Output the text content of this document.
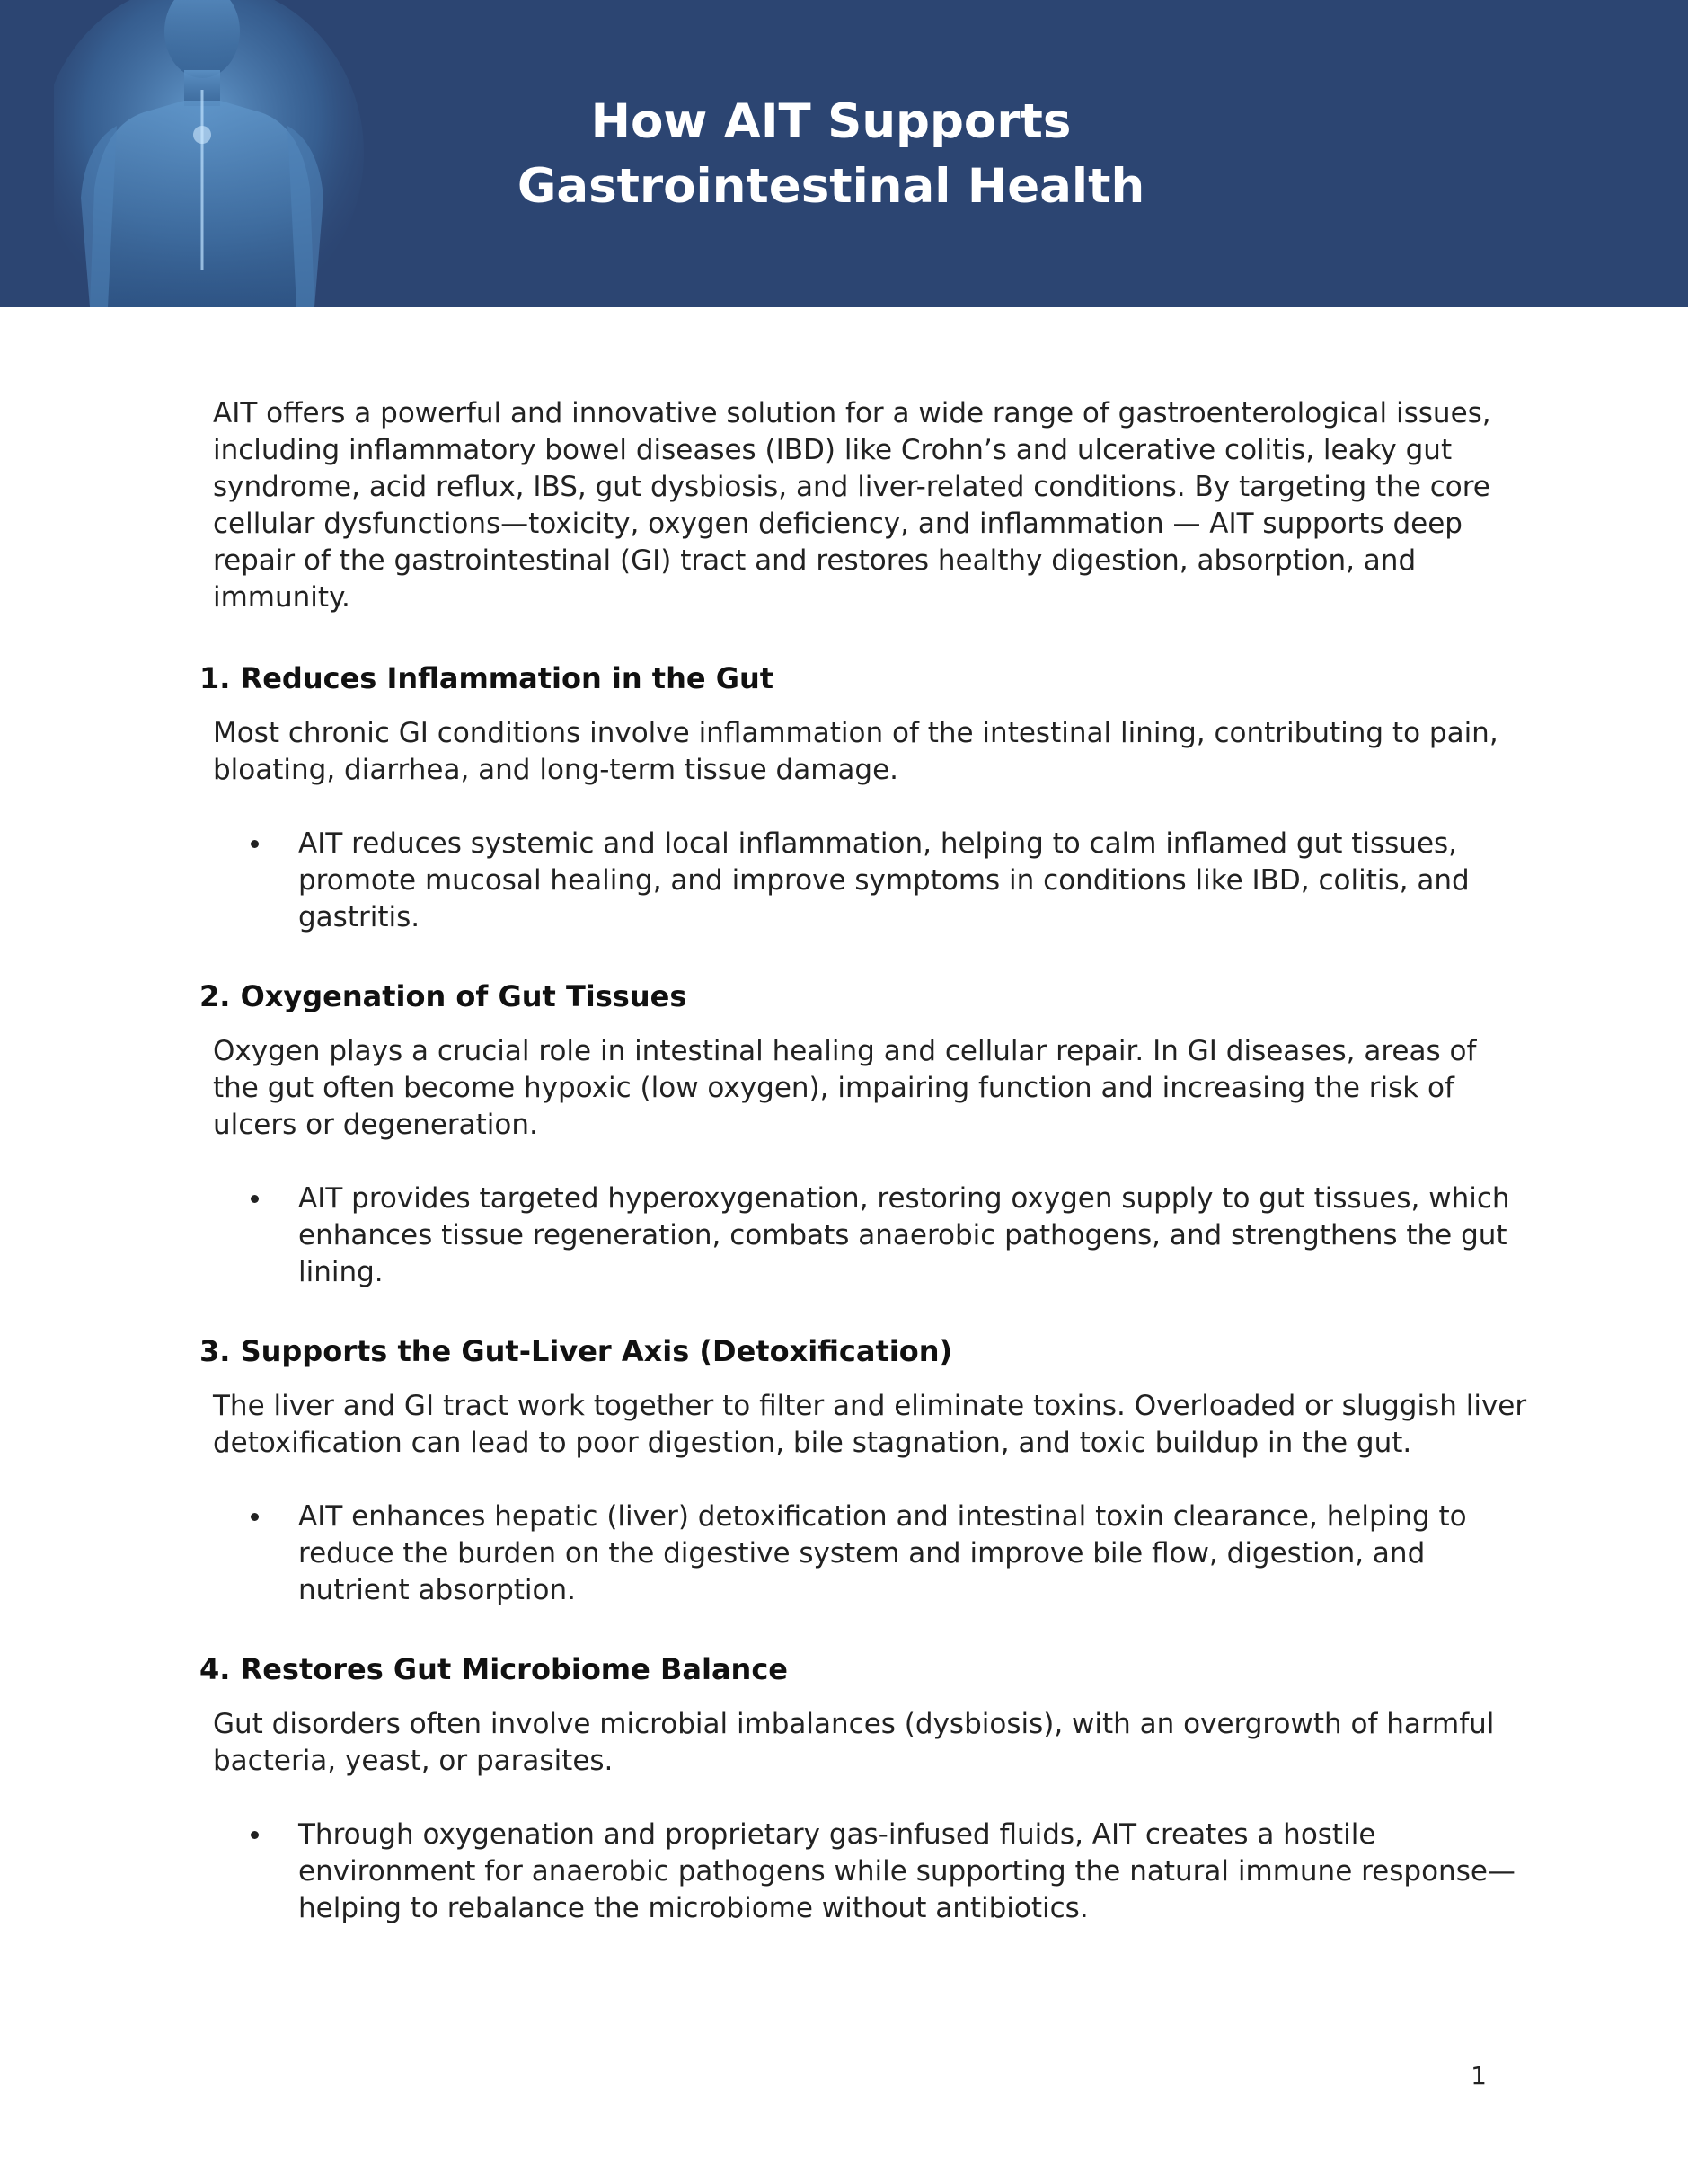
How AIT Supports
Gastrointestinal Health

AIT offers a powerful and innovative solution for a wide range of gastroenterological issues, including inflammatory bowel diseases (IBD) like Crohn’s and ulcerative colitis, leaky gut syndrome, acid reflux, IBS, gut dysbiosis, and liver-related conditions. By targeting the core cellular dysfunctions—toxicity, oxygen deficiency, and inflammation — AIT supports deep repair of the gastrointestinal (GI) tract and restores healthy digestion, absorption, and immunity.

1. Reduces Inflammation in the Gut

Most chronic GI conditions involve inflammation of the intestinal lining, contributing to pain, bloating, diarrhea, and long-term tissue damage.

AIT reduces systemic and local inflammation, helping to calm inflamed gut tissues, promote mucosal healing, and improve symptoms in conditions like IBD, colitis, and gastritis.
2. Oxygenation of Gut Tissues

Oxygen plays a crucial role in intestinal healing and cellular repair. In GI diseases, areas of the gut often become hypoxic (low oxygen), impairing function and increasing the risk of ulcers or degeneration.

AIT provides targeted hyperoxygenation, restoring oxygen supply to gut tissues, which enhances tissue regeneration, combats anaerobic pathogens, and strengthens the gut lining.
3. Supports the Gut-Liver Axis (Detoxification)

The liver and GI tract work together to filter and eliminate toxins. Overloaded or sluggish liver detoxification can lead to poor digestion, bile stagnation, and toxic buildup in the gut.

AIT enhances hepatic (liver) detoxification and intestinal toxin clearance, helping to reduce the burden on the digestive system and improve bile flow, digestion, and nutrient absorption.
4. Restores Gut Microbiome Balance

Gut disorders often involve microbial imbalances (dysbiosis), with an overgrowth of harmful bacteria, yeast, or parasites.

Through oxygenation and proprietary gas-infused fluids, AIT creates a hostile environment for anaerobic pathogens while supporting the natural immune response—helping to rebalance the microbiome without antibiotics.
1
